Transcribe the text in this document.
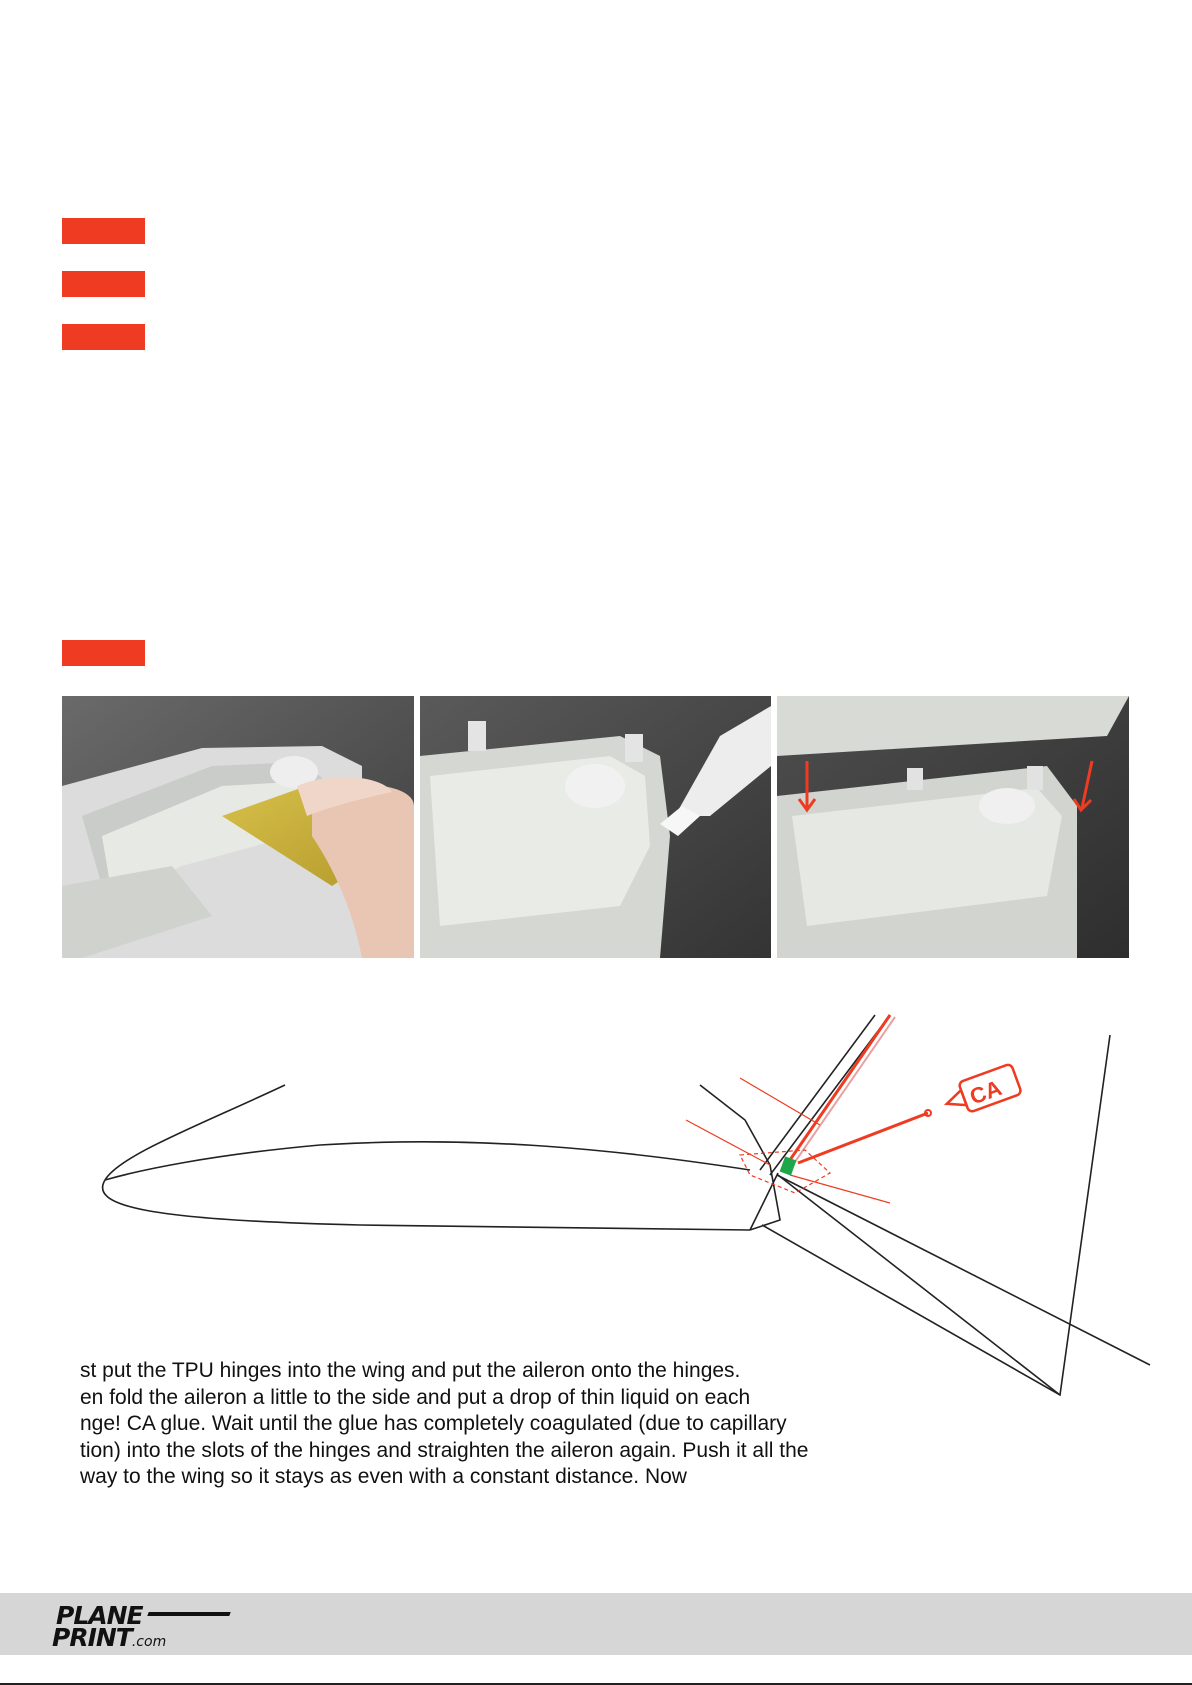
CA

st put the TPU hinges into the wing and put the aileron onto the hinges.

en fold the aileron a little to the side and put a drop of thin liquid on each

nge! CA glue. Wait until the glue has completely coagulated (due to capillary

tion) into the slots of the hinges and straighten the aileron again. Push it all the

way to the wing so it stays as even with a constant distance. Now

PLANE
PRINT.com
